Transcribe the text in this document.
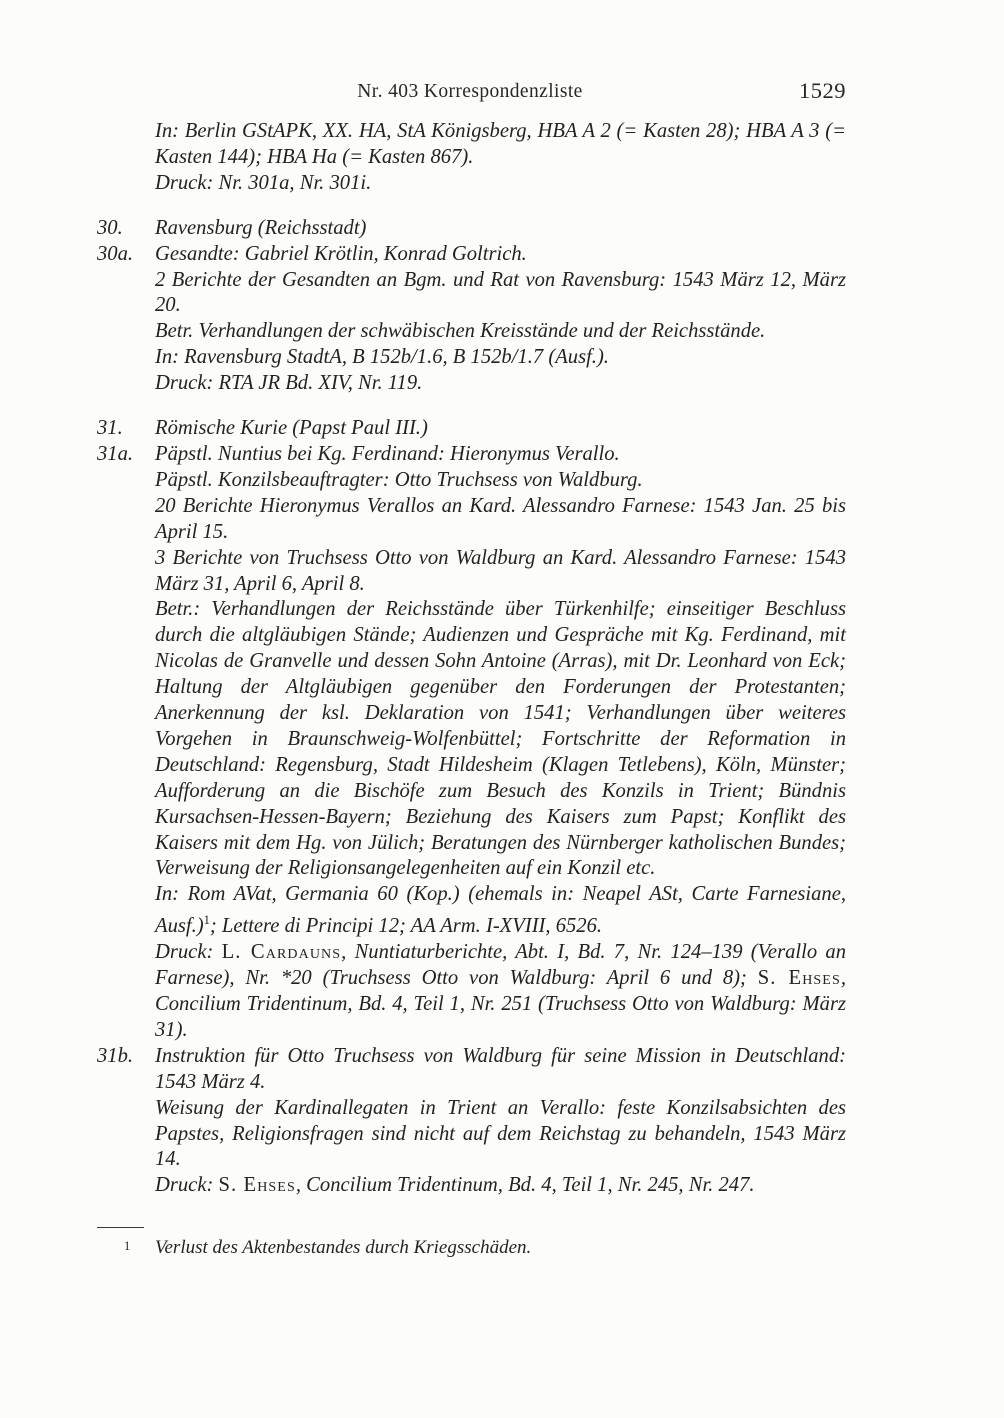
Nr. 403 Korrespondenzliste	1529
In: Berlin GStAPK, XX. HA, StA Königsberg, HBA A 2 (= Kasten 28); HBA A 3 (= Kasten 144); HBA Ha (= Kasten 867).
Druck: Nr. 301a, Nr. 301i.
30. Ravensburg (Reichsstadt)
30a. Gesandte: Gabriel Krötlin, Konrad Goltrich.
2 Berichte der Gesandten an Bgm. und Rat von Ravensburg: 1543 März 12, März 20.
Betr. Verhandlungen der schwäbischen Kreisstände und der Reichsstände.
In: Ravensburg StadtA, B 152b/1.6, B 152b/1.7 (Ausf.).
Druck: RTA JR Bd. XIV, Nr. 119.
31. Römische Kurie (Papst Paul III.)
31a. Päpstl. Nuntius bei Kg. Ferdinand: Hieronymus Verallo.
Päpstl. Konzilsbeauftragter: Otto Truchsess von Waldburg.
20 Berichte Hieronymus Verallos an Kard. Alessandro Farnese: 1543 Jan. 25 bis April 15.
3 Berichte von Truchsess Otto von Waldburg an Kard. Alessandro Farnese: 1543 März 31, April 6, April 8.
Betr.: Verhandlungen der Reichsstände über Türkenhilfe; einseitiger Beschluss durch die altgläubigen Stände; Audienzen und Gespräche mit Kg. Ferdinand, mit Nicolas de Granvelle und dessen Sohn Antoine (Arras), mit Dr. Leonhard von Eck; Haltung der Altgläubigen gegenüber den Forderungen der Protestanten; Anerkennung der ksl. Deklaration von 1541; Verhandlungen über weiteres Vorgehen in Braunschweig-Wolfenbüttel; Fortschritte der Reformation in Deutschland: Regensburg, Stadt Hildesheim (Klagen Tetlebens), Köln, Münster; Aufforderung an die Bischöfe zum Besuch des Konzils in Trient; Bündnis Kursachsen-Hessen-Bayern; Beziehung des Kaisers zum Papst; Konflikt des Kaisers mit dem Hg. von Jülich; Beratungen des Nürnberger katholischen Bundes; Verweisung der Religionsangelegenheiten auf ein Konzil etc.
In: Rom AVat, Germania 60 (Kop.) (ehemals in: Neapel ASt, Carte Farnesiane, Ausf.)$^1$; Lettere di Principi 12; AA Arm. I-XVIII, 6526.
Druck: L. Cardauns, Nuntiaturberichte, Abt. I, Bd. 7, Nr. 124–139 (Verallo an Farnese), Nr. *20 (Truchsess Otto von Waldburg: April 6 und 8); S. Ehses, Concilium Tridentinum, Bd. 4, Teil 1, Nr. 251 (Truchsess Otto von Waldburg: März 31).
31b. Instruktion für Otto Truchsess von Waldburg für seine Mission in Deutschland: 1543 März 4.
Weisung der Kardinallegaten in Trient an Verallo: feste Konzilsabsichten des Papstes, Religionsfragen sind nicht auf dem Reichstag zu behandeln, 1543 März 14.
Druck: S. Ehses, Concilium Tridentinum, Bd. 4, Teil 1, Nr. 245, Nr. 247.
1 Verlust des Aktenbestandes durch Kriegsschäden.
